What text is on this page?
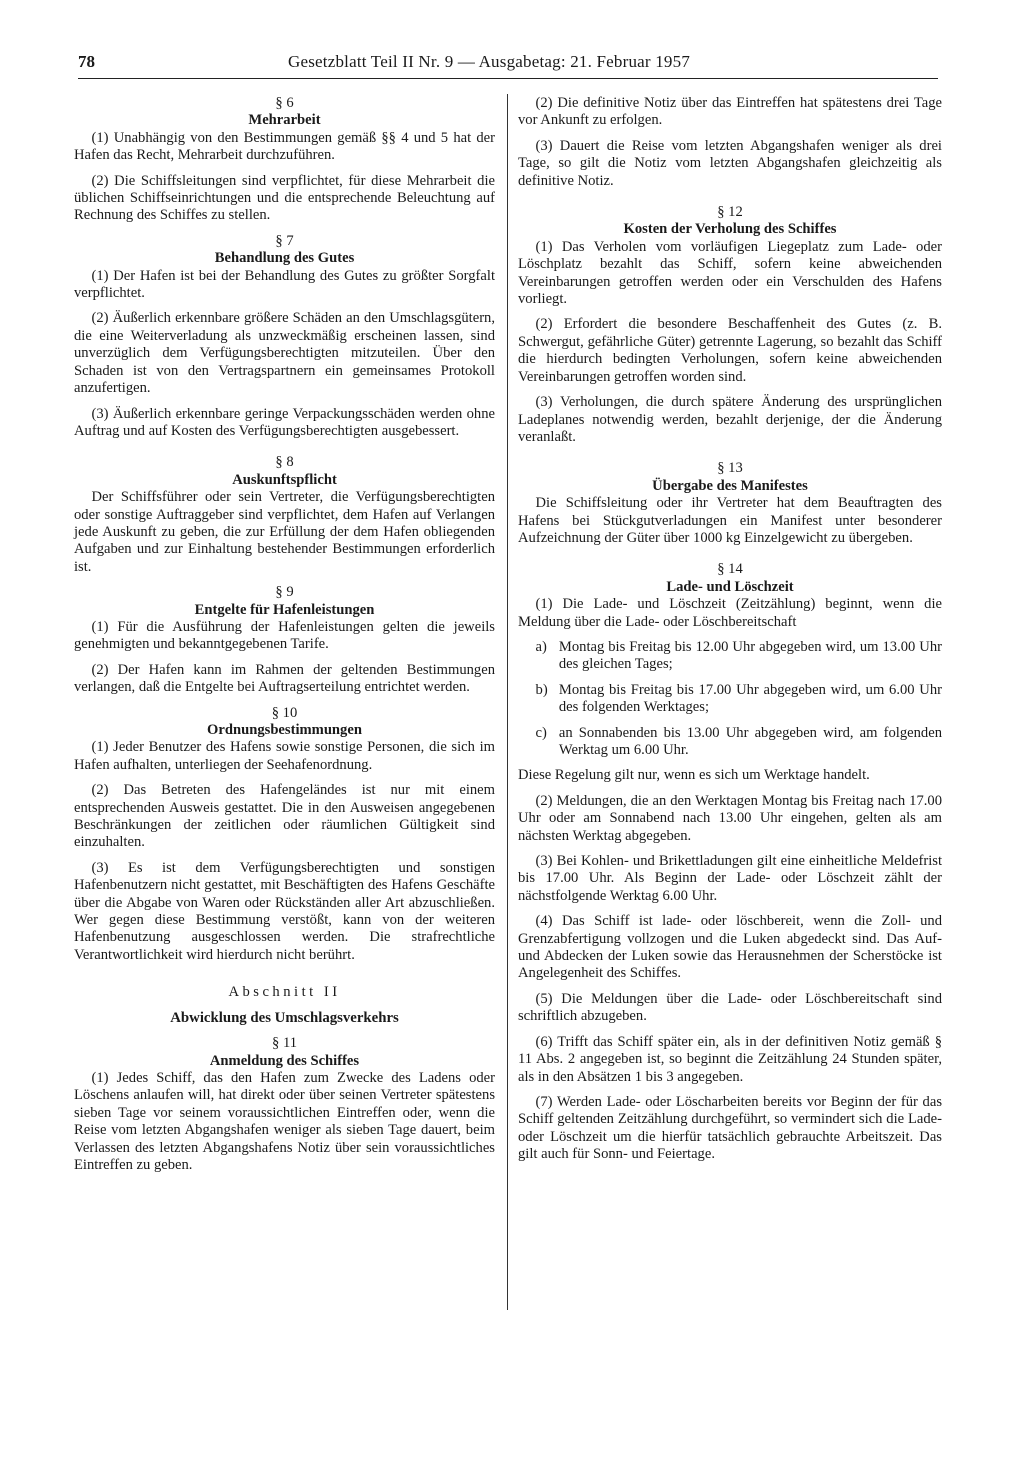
78	Gesetzblatt Teil II Nr. 9 — Ausgabetag: 21. Februar 1957

§ 6

Mehrarbeit

(1) Unabhängig von den Bestimmungen gemäß §§ 4 und 5 hat der Hafen das Recht, Mehrarbeit durchzuführen.

(2) Die Schiffsleitungen sind verpflichtet, für diese Mehrarbeit die üblichen Schiffseinrichtungen und die entsprechende Beleuchtung auf Rechnung des Schiffes zu stellen.

§ 7

Behandlung des Gutes

(1) Der Hafen ist bei der Behandlung des Gutes zu größter Sorgfalt verpflichtet.

(2) Äußerlich erkennbare größere Schäden an den Umschlagsgütern, die eine Weiterverladung als unzweckmäßig erscheinen lassen, sind unverzüglich dem Verfügungsberechtigten mitzuteilen. Über den Schaden ist von den Vertragspartnern ein gemeinsames Protokoll anzufertigen.

(3) Äußerlich erkennbare geringe Verpackungsschäden werden ohne Auftrag und auf Kosten des Verfügungsberechtigten ausgebessert.

§ 8

Auskunftspflicht

Der Schiffsführer oder sein Vertreter, die Verfügungsberechtigten oder sonstige Auftraggeber sind verpflichtet, dem Hafen auf Verlangen jede Auskunft zu geben, die zur Erfüllung der dem Hafen obliegenden Aufgaben und zur Einhaltung bestehender Bestimmungen erforderlich ist.

§ 9

Entgelte für Hafenleistungen

(1) Für die Ausführung der Hafenleistungen gelten die jeweils genehmigten und bekanntgegebenen Tarife.

(2) Der Hafen kann im Rahmen der geltenden Bestimmungen verlangen, daß die Entgelte bei Auftragserteilung entrichtet werden.

§ 10

Ordnungsbestimmungen

(1) Jeder Benutzer des Hafens sowie sonstige Personen, die sich im Hafen aufhalten, unterliegen der Seehafenordnung.

(2) Das Betreten des Hafengeländes ist nur mit einem entsprechenden Ausweis gestattet. Die in den Ausweisen angegebenen Beschränkungen der zeitlichen oder räumlichen Gültigkeit sind einzuhalten.

(3) Es ist dem Verfügungsberechtigten und sonstigen Hafenbenutzern nicht gestattet, mit Beschäftigten des Hafens Geschäfte über die Abgabe von Waren oder Rückständen aller Art abzuschließen. Wer gegen diese Bestimmung verstößt, kann von der weiteren Hafenbenutzung ausgeschlossen werden. Die strafrechtliche Verantwortlichkeit wird hierdurch nicht berührt.

Abschnitt II

Abwicklung des Umschlagsverkehrs

§ 11

Anmeldung des Schiffes

(1) Jedes Schiff, das den Hafen zum Zwecke des Ladens oder Löschens anlaufen will, hat direkt oder über seinen Vertreter spätestens sieben Tage vor seinem voraussichtlichen Eintreffen oder, wenn die Reise vom letzten Abgangshafen weniger als sieben Tage dauert, beim Verlassen des letzten Abgangshafens Notiz über sein voraussichtliches Eintreffen zu geben.

(2) Die definitive Notiz über das Eintreffen hat spätestens drei Tage vor Ankunft zu erfolgen.

(3) Dauert die Reise vom letzten Abgangshafen weniger als drei Tage, so gilt die Notiz vom letzten Abgangshafen gleichzeitig als definitive Notiz.

§ 12

Kosten der Verholung des Schiffes

(1) Das Verholen vom vorläufigen Liegeplatz zum Lade- oder Löschplatz bezahlt das Schiff, sofern keine abweichenden Vereinbarungen getroffen werden oder ein Verschulden des Hafens vorliegt.

(2) Erfordert die besondere Beschaffenheit des Gutes (z. B. Schwergut, gefährliche Güter) getrennte Lagerung, so bezahlt das Schiff die hierdurch bedingten Verholungen, sofern keine abweichenden Vereinbarungen getroffen worden sind.

(3) Verholungen, die durch spätere Änderung des ursprünglichen Ladeplanes notwendig werden, bezahlt derjenige, der die Änderung veranlaßt.

§ 13

Übergabe des Manifestes

Die Schiffsleitung oder ihr Vertreter hat dem Beauftragten des Hafens bei Stückgutverladungen ein Manifest unter besonderer Aufzeichnung der Güter über 1000 kg Einzelgewicht zu übergeben.

§ 14

Lade- und Löschzeit

(1) Die Lade- und Löschzeit (Zeitzählung) beginnt, wenn die Meldung über die Lade- oder Löschbereitschaft

a) Montag bis Freitag bis 12.00 Uhr abgegeben wird, um 13.00 Uhr des gleichen Tages;
b) Montag bis Freitag bis 17.00 Uhr abgegeben wird, um 6.00 Uhr des folgenden Werktages;
c) an Sonnabenden bis 13.00 Uhr abgegeben wird, am folgenden Werktag um 6.00 Uhr.

Diese Regelung gilt nur, wenn es sich um Werktage handelt.

(2) Meldungen, die an den Werktagen Montag bis Freitag nach 17.00 Uhr oder am Sonnabend nach 13.00 Uhr eingehen, gelten als am nächsten Werktag abgegeben.

(3) Bei Kohlen- und Brikettladungen gilt eine einheitliche Meldefrist bis 17.00 Uhr. Als Beginn der Lade- oder Löschzeit zählt der nächstfolgende Werktag 6.00 Uhr.

(4) Das Schiff ist lade- oder löschbereit, wenn die Zoll- und Grenzabfertigung vollzogen und die Luken abgedeckt sind. Das Auf- und Abdecken der Luken sowie das Herausnehmen der Scherstöcke ist Angelegenheit des Schiffes.

(5) Die Meldungen über die Lade- oder Löschbereitschaft sind schriftlich abzugeben.

(6) Trifft das Schiff später ein, als in der definitiven Notiz gemäß § 11 Abs. 2 angegeben ist, so beginnt die Zeitzählung 24 Stunden später, als in den Absätzen 1 bis 3 angegeben.

(7) Werden Lade- oder Löscharbeiten bereits vor Beginn der für das Schiff geltenden Zeitzählung durchgeführt, so vermindert sich die Lade- oder Löschzeit um die hierfür tatsächlich gebrauchte Arbeitszeit. Das gilt auch für Sonn- und Feiertage.
